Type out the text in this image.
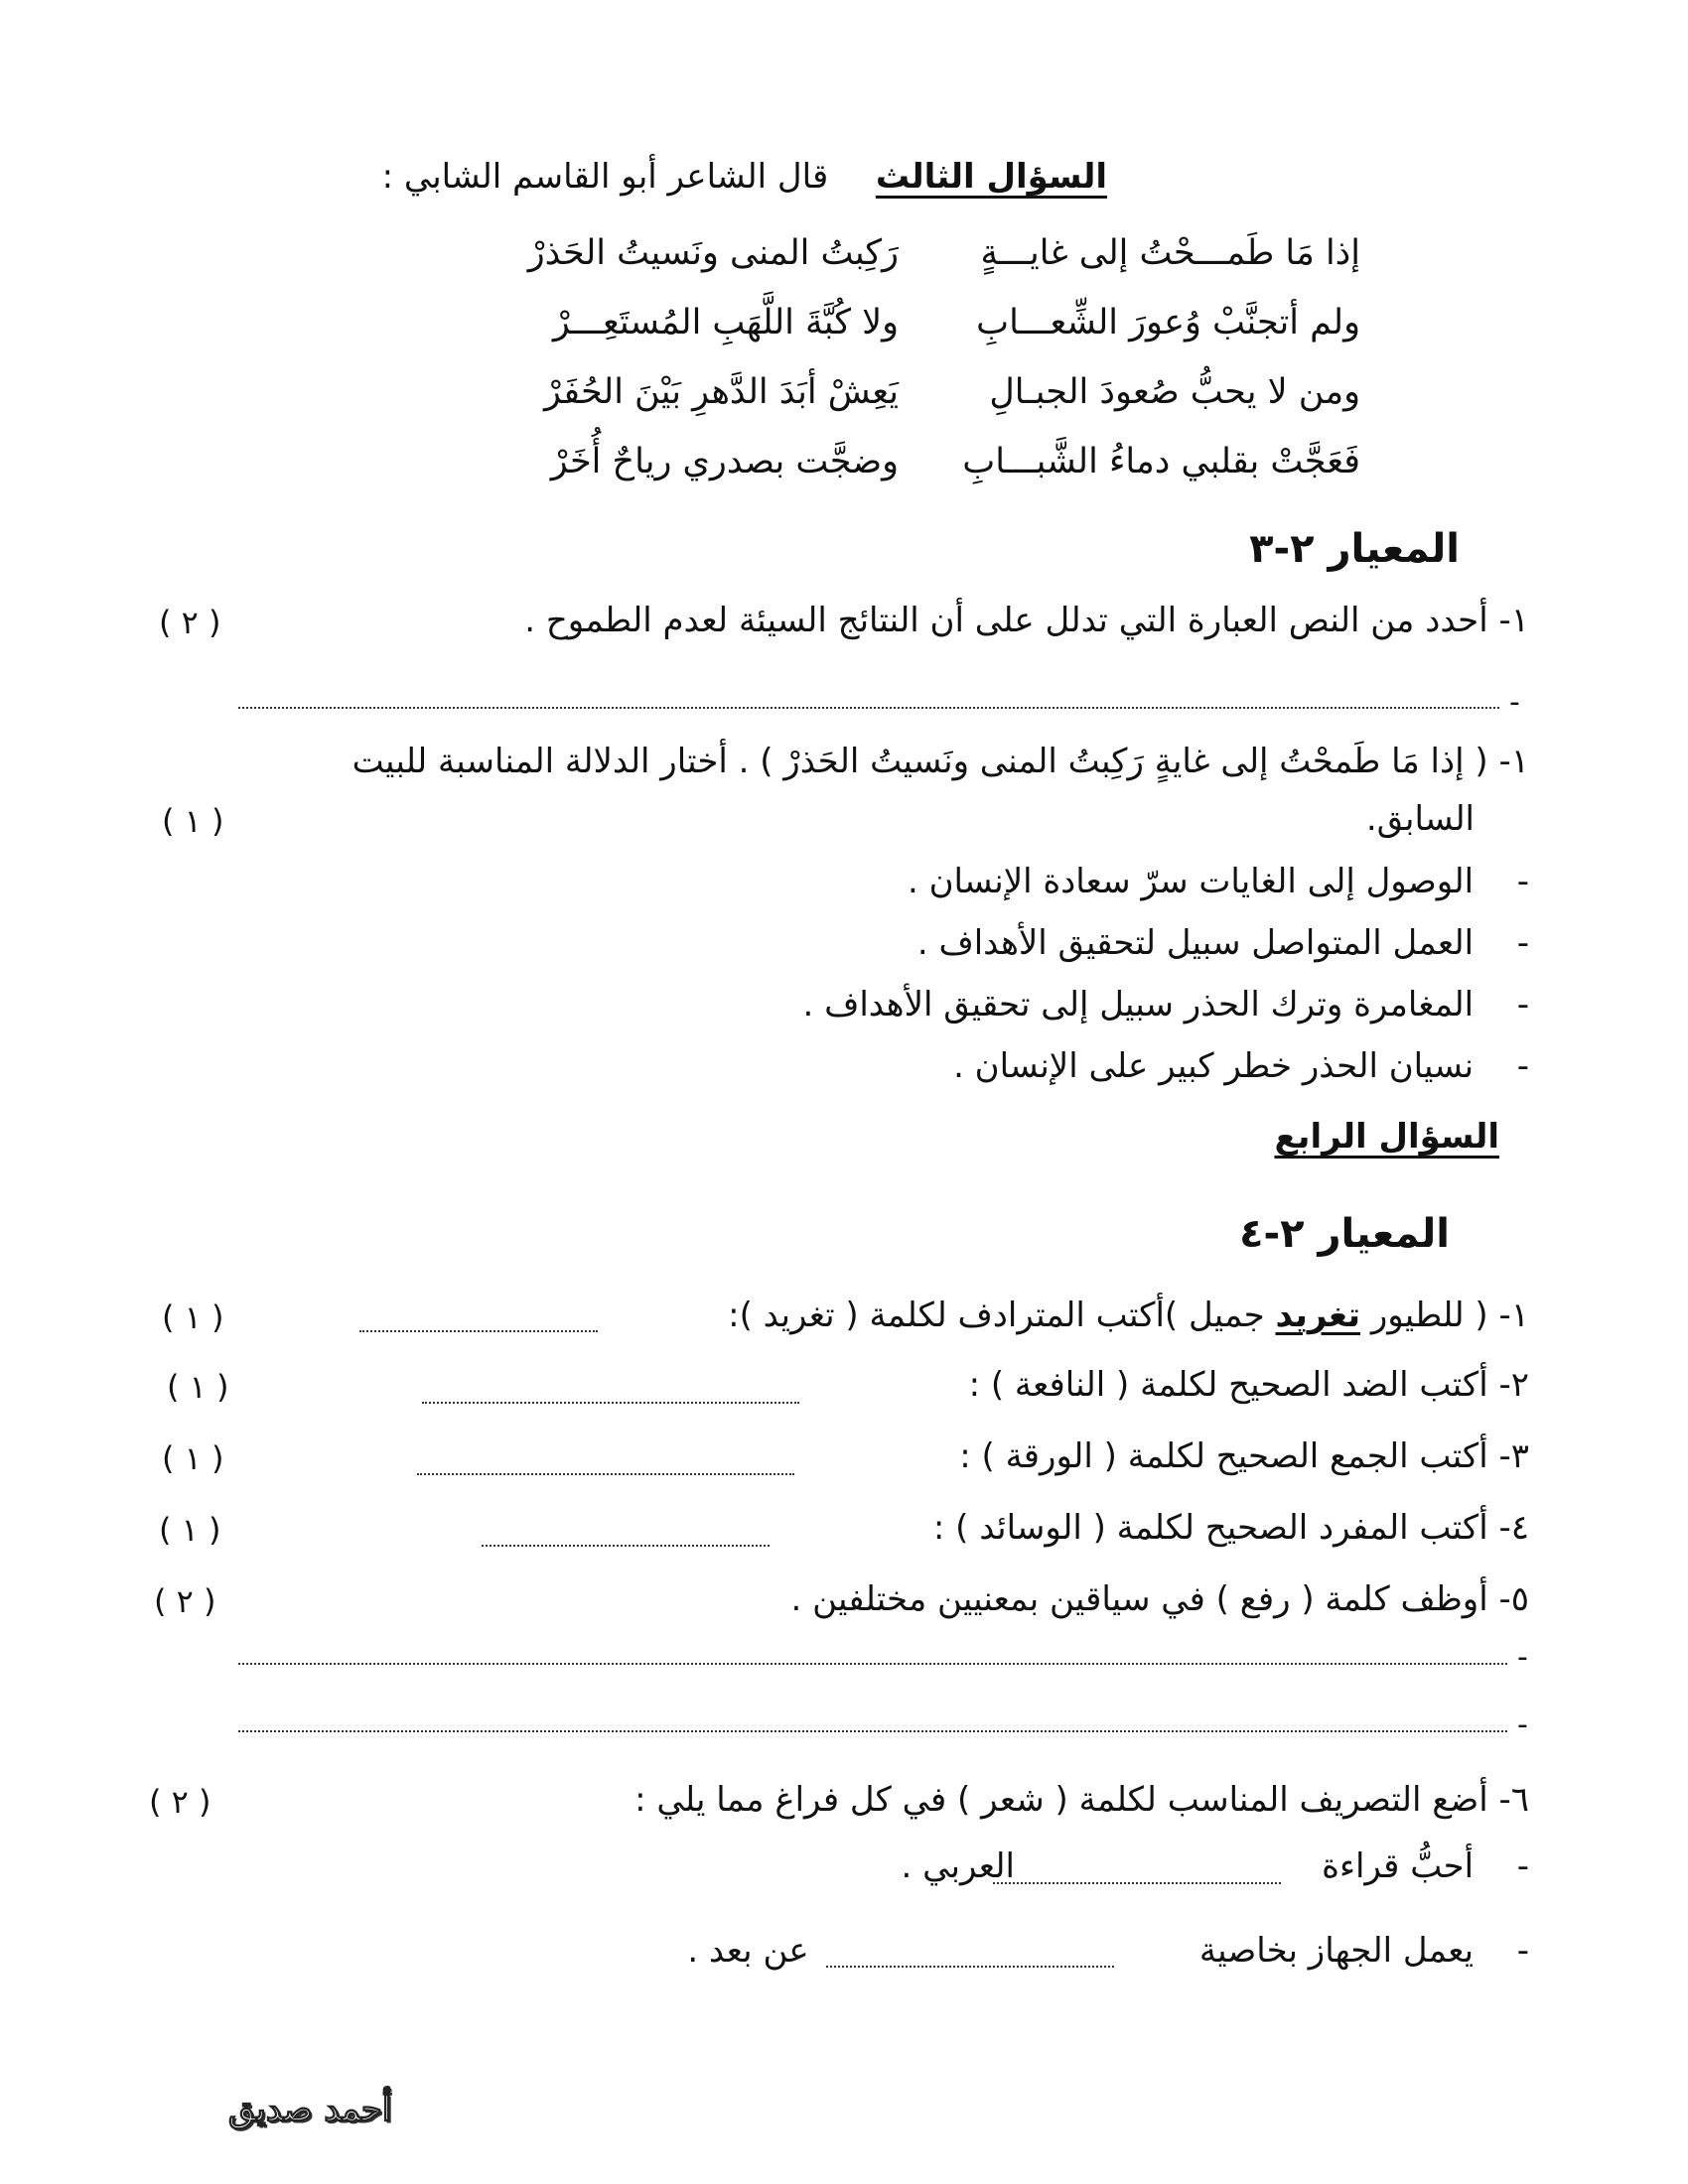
السؤال الثالث  قال الشاعر أبو القاسم الشابي :
إذا مَا طَمـــحْتُ إلى غايـــةٍ
رَكِبتُ المنى ونَسيتُ الحَذرْ
ولم أتجنَّبْ وُعورَ الشِّعـــابِ
ولا كُبَّةَ اللَّهَبِ المُستَعِـــرْ
ومن لا يحبُّ صُعودَ الجبـالِ
يَعِشْ أبَدَ الدَّهرِ بَيْنَ الحُفَرْ
فَعَجَّتْ بقلبي دماءُ الشَّبـــابِ
وضجَّت بصدري رياحٌ أُخَرْ
المعيار ٢-٣
١- أحدد من النص العبارة التي تدلل على أن النتائج السيئة لعدم الطموح .
( ٢ )
-
١- ( إذا مَا طَمحْتُ إلى غايةٍ رَكِبتُ المنى ونَسيتُ الحَذرْ ) . أختار الدلالة المناسبة للبيت
السابق.
( ١ )
-  الوصول إلى الغايات سرّ سعادة الإنسان .
-  العمل المتواصل سبيل لتحقيق الأهداف .
-  المغامرة وترك الحذر سبيل إلى تحقيق الأهداف .
-  نسيان الحذر خطر كبير على الإنسان .
السؤال الرابع
المعيار ٢-٤
١- ( للطيور تغريد جميل )أكتب المترادف لكلمة ( تغريد ):
( ١ )
٢- أكتب الضد الصحيح لكلمة ( النافعة ) :
( ١ )
٣- أكتب الجمع الصحيح لكلمة ( الورقة ) :
( ١ )
٤- أكتب المفرد الصحيح لكلمة ( الوسائد ) :
( ١ )
٥- أوظف كلمة ( رفع ) في سياقين بمعنيين مختلفين .
( ٢ )
-
-
٦- أضع التصريف المناسب لكلمة ( شعر ) في كل فراغ مما يلي :
( ٢ )
-  أحبُّ قراءة    العربي .
-  يعمل الجهاز بخاصية    عن بعد .
أحمد صديق
